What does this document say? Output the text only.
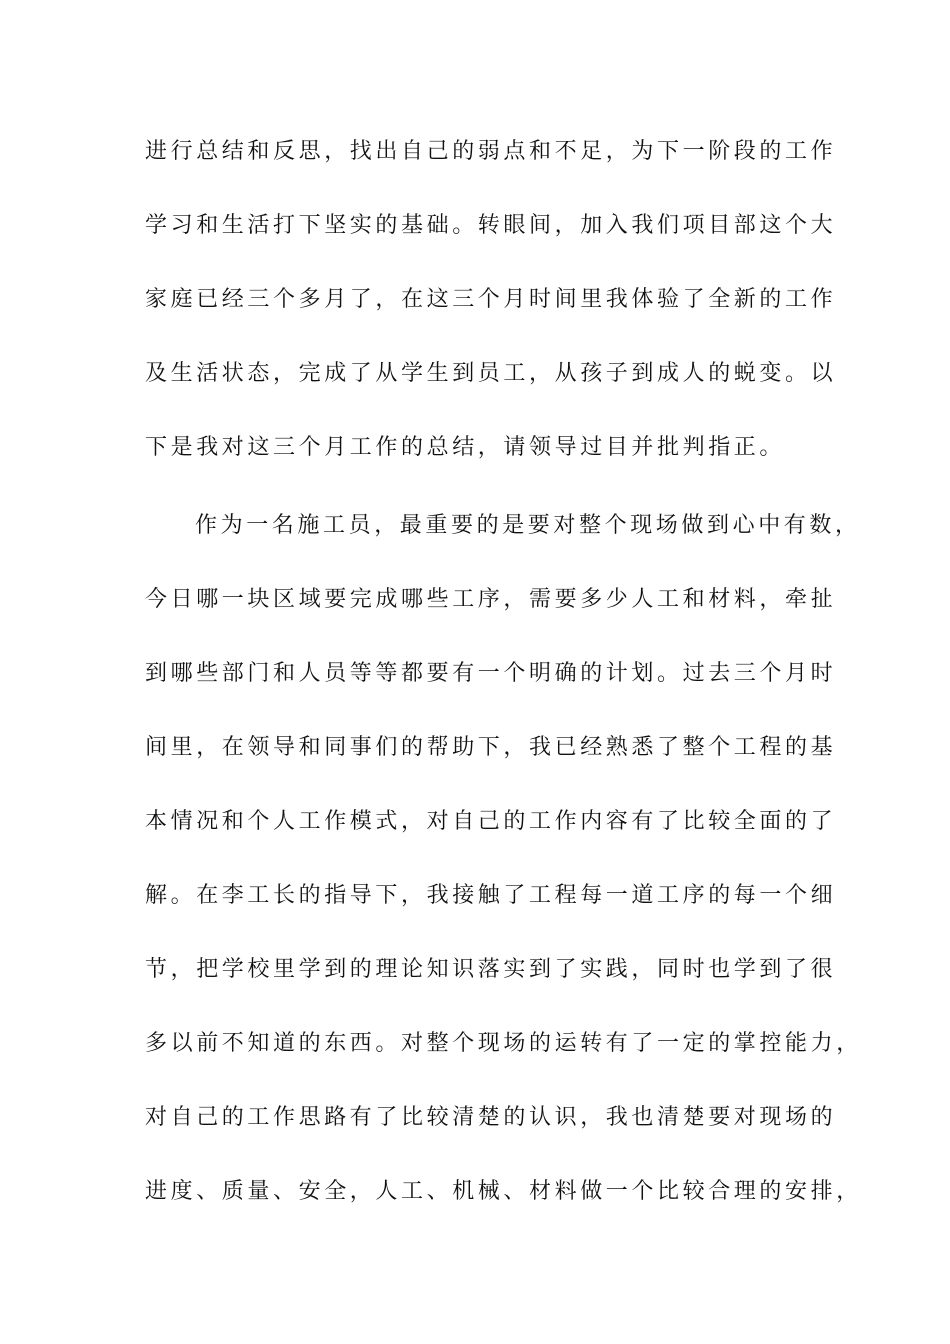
进行总结和反思，找出自己的弱点和不足，为下一阶段的工作
学习和生活打下坚实的基础。转眼间，加入我们项目部这个大
家庭已经三个多月了，在这三个月时间里我体验了全新的工作
及生活状态，完成了从学生到员工，从孩子到成人的蜕变。以
下是我对这三个月工作的总结，请领导过目并批判指正。
作为一名施工员，最重要的是要对整个现场做到心中有数，
今日哪一块区域要完成哪些工序，需要多少人工和材料，牵扯
到哪些部门和人员等等都要有一个明确的计划。过去三个月时
间里，在领导和同事们的帮助下，我已经熟悉了整个工程的基
本情况和个人工作模式，对自己的工作内容有了比较全面的了
解。在李工长的指导下，我接触了工程每一道工序的每一个细
节，把学校里学到的理论知识落实到了实践，同时也学到了很
多以前不知道的东西。对整个现场的运转有了一定的掌控能力，
对自己的工作思路有了比较清楚的认识，我也清楚要对现场的
进度、质量、安全，人工、机械、材料做一个比较合理的安排，
